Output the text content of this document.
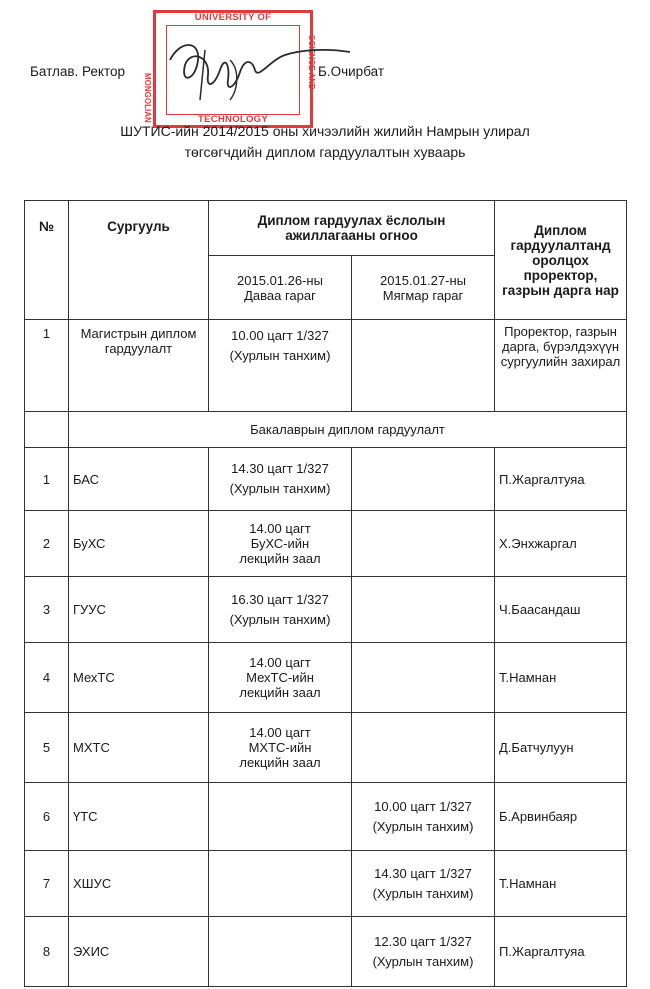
Батлав. Ректор	Б.Очирбат
UNIVERSITY OF
MONGOLIAN
SCIENCE AND
TECHNOLOGY
ШУТИС-ийн 2014/2015 оны хичээлийн жилийн Намрын улирал
төгсөгчдийн диплом гардуулалтын хуваарь
№	Сургууль	Диплом гардуулах ёслолын ажиллагааны огноо		Диплом гардуулалтанд оролцох проректор, газрын дарга нар

		2015.01.26-ны
Даваа гараг	2015.01.27-ны
Мягмар гараг	

1	Магистрын диплом гардуулалт	10.00 цагт 1/327
(Хурлын танхим)		Проректор, газрын дарга, бүрэлдэхүүн сургуулийн захирал
	Бакалаврын диплом гардуулалт			
1	БАС	14.30 цагт 1/327
(Хурлын танхим)		П.Жаргалтуяа
2	БуХС	14.00 цагт
БуХС-ийн
лекцийн заал		Х.Энхжаргал
3	ГУУС	16.30 цагт 1/327
(Хурлын танхим)		Ч.Баасандаш
4	МехТС	14.00 цагт
МехТС-ийн
лекцийн заал		Т.Намнан
5	МХТС	14.00 цагт
МХТС-ийн
лекцийн заал		Д.Батчулуун
6	ҮТС		10.00 цагт 1/327
(Хурлын танхим)	Б.Арвинбаяр
7	ХШУС		14.30 цагт 1/327
(Хурлын танхим)	Т.Намнан
8	ЭХИС		12.30 цагт 1/327
(Хурлын танхим)	П.Жаргалтуяа
